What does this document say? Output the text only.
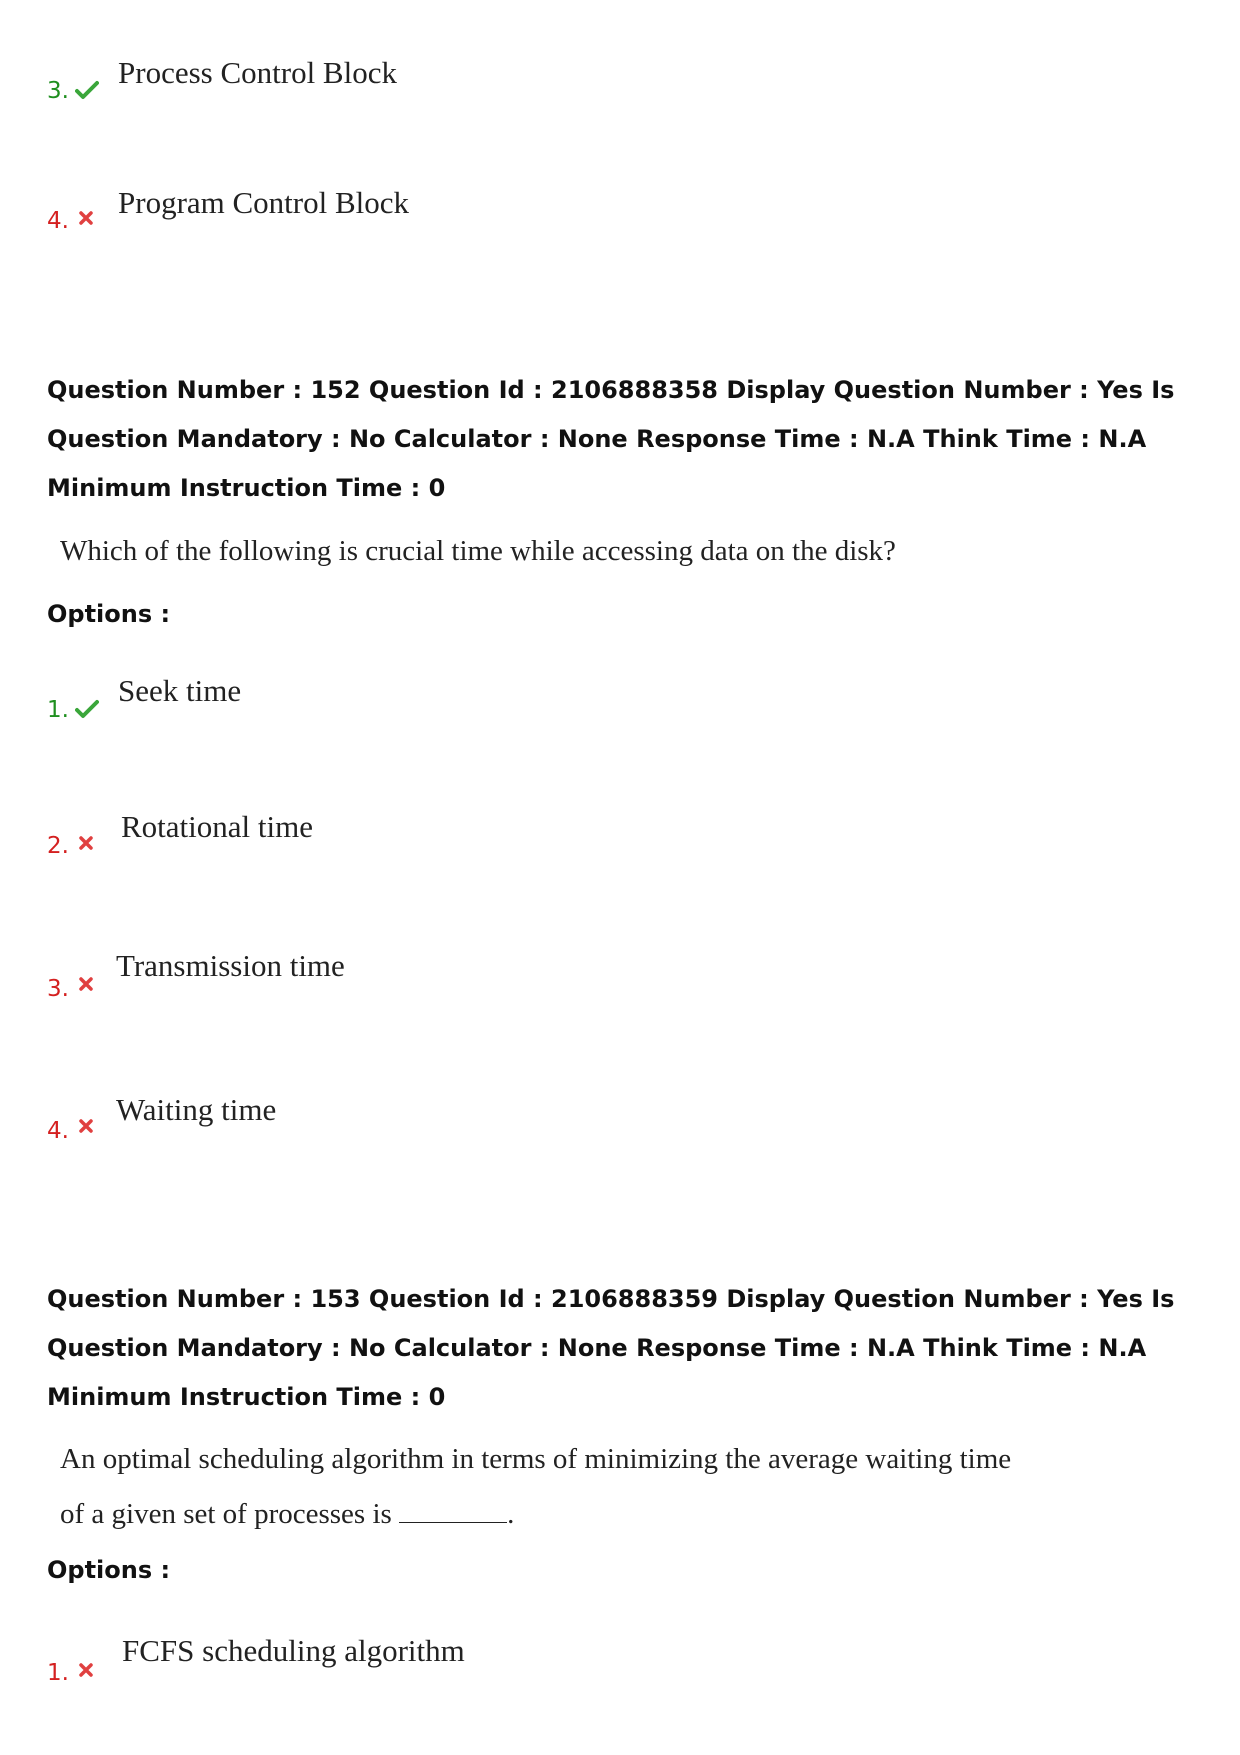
3.
Process Control Block
4.
Program Control Block
Question Number : 152 Question Id : 2106888358 Display Question Number : Yes Is Question Mandatory : No Calculator : None Response Time : N.A Think Time : N.A Minimum Instruction Time : 0
Which of the following is crucial time while accessing data on the disk?
Options :
1.
Seek time
2.
Rotational time
3.
Transmission time
4.
Waiting time
Question Number : 153 Question Id : 2106888359 Display Question Number : Yes Is Question Mandatory : No Calculator : None Response Time : N.A Think Time : N.A Minimum Instruction Time : 0
An optimal scheduling algorithm in terms of minimizing the average waiting time
of a given set of processes is	.
Options :
1.
FCFS scheduling algorithm
